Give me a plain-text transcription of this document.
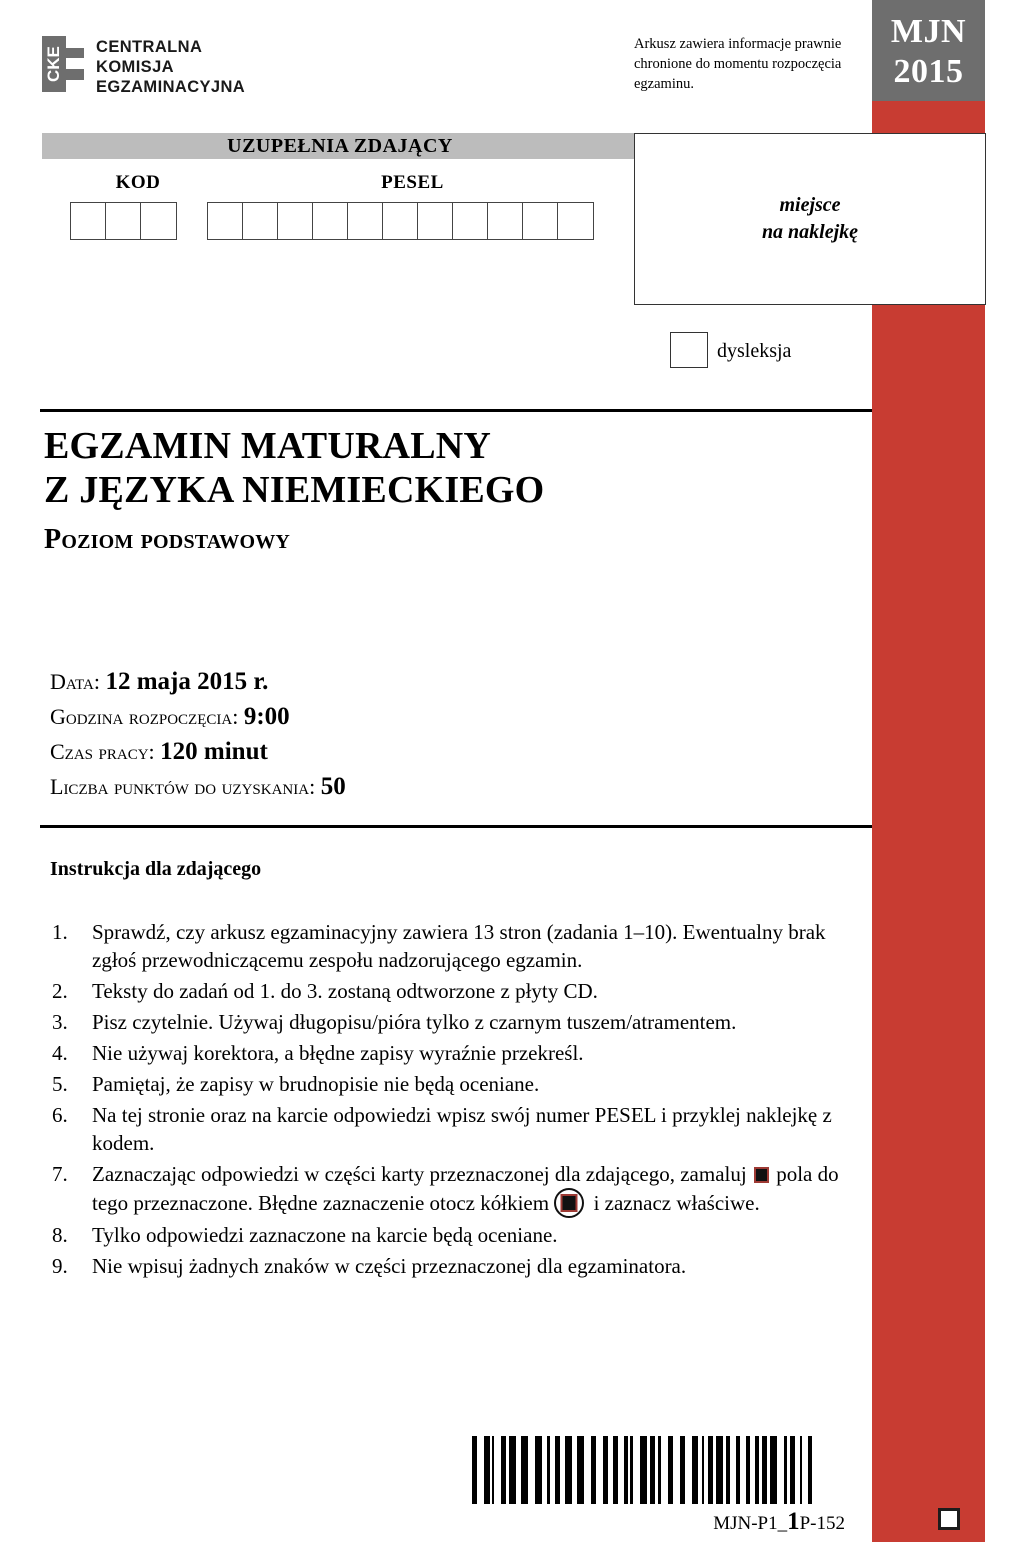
CKE CENTRALNA
KOMISJA
EGZAMINACYJNA
Arkusz zawiera informacje prawnie chronione do momentu rozpoczęcia egzaminu.
MJN
2015
UZUPEŁNIA ZDAJĄCY
KOD	PESEL
miejsce
na naklejkę
dysleksja
EGZAMIN MATURALNY
Z JĘZYKA NIEMIECKIEGO
Poziom podstawowy
Data: 12 maja 2015 r.
Godzina rozpoczęcia: 9:00
Czas pracy: 120 minut
Liczba punktów do uzyskania: 50
Instrukcja dla zdającego
1.	Sprawdź, czy arkusz egzaminacyjny zawiera 13 stron (zadania 1–10). Ewentualny brak zgłoś przewodniczącemu zespołu nadzorującego egzamin.
2.	Teksty do zadań od 1. do 3. zostaną odtworzone z płyty CD.
3.	Pisz czytelnie. Używaj długopisu/pióra tylko z czarnym tuszem/atramentem.
4.	Nie używaj korektora, a błędne zapisy wyraźnie przekreśl.
5.	Pamiętaj, że zapisy w brudnopisie nie będą oceniane.
6.	Na tej stronie oraz na karcie odpowiedzi wpisz swój numer PESEL i przyklej naklejkę z kodem.
7.	Zaznaczając odpowiedzi w części karty przeznaczonej dla zdającego, zamaluj  pola do tego przeznaczone. Błędne zaznaczenie otocz kółkiem
i zaznacz właściwe.
8.	Tylko odpowiedzi zaznaczone na karcie będą oceniane.
9.	Nie wpisuj żadnych znaków w części przeznaczonej dla egzaminatora.
MJN-P1_1P-152
